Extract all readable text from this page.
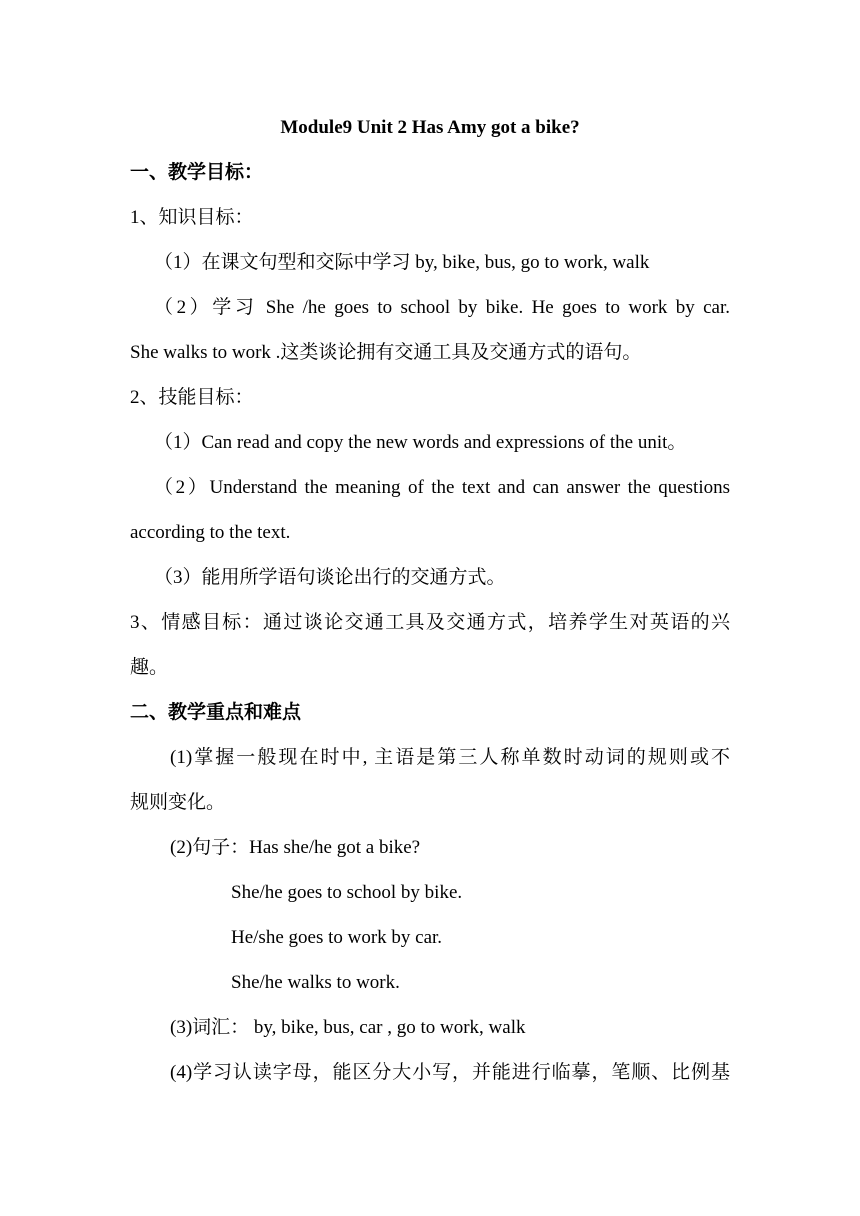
Module9 Unit 2 Has Amy got a bike?
一、教学目标：
1、知识目标：
（1）在课文句型和交际中学习 by, bike, bus, go to work, walk
（2）学习 She /he goes to school by bike. He goes to work by car.
She walks to work .这类谈论拥有交通工具及交通方式的语句。
2、技能目标：
（1）Can read and copy the new words and expressions of the unit。
（2）Understand the meaning of the text and can answer the questions
according to the text.
（3）能用所学语句谈论出行的交通方式。
3、情感目标：通过谈论交通工具及交通方式，培养学生对英语的兴
趣。
二、教学重点和难点
(1)掌握一般现在时中, 主语是第三人称单数时动词的规则或不
规则变化。
(2)句子：Has she/he got a bike?
She/he goes to school by bike.
He/she goes to work by car.
She/he walks to work.
(3)词汇： by, bike, bus, car , go to work, walk
(4)学习认读字母，能区分大小写，并能进行临摹，笔顺、比例基
